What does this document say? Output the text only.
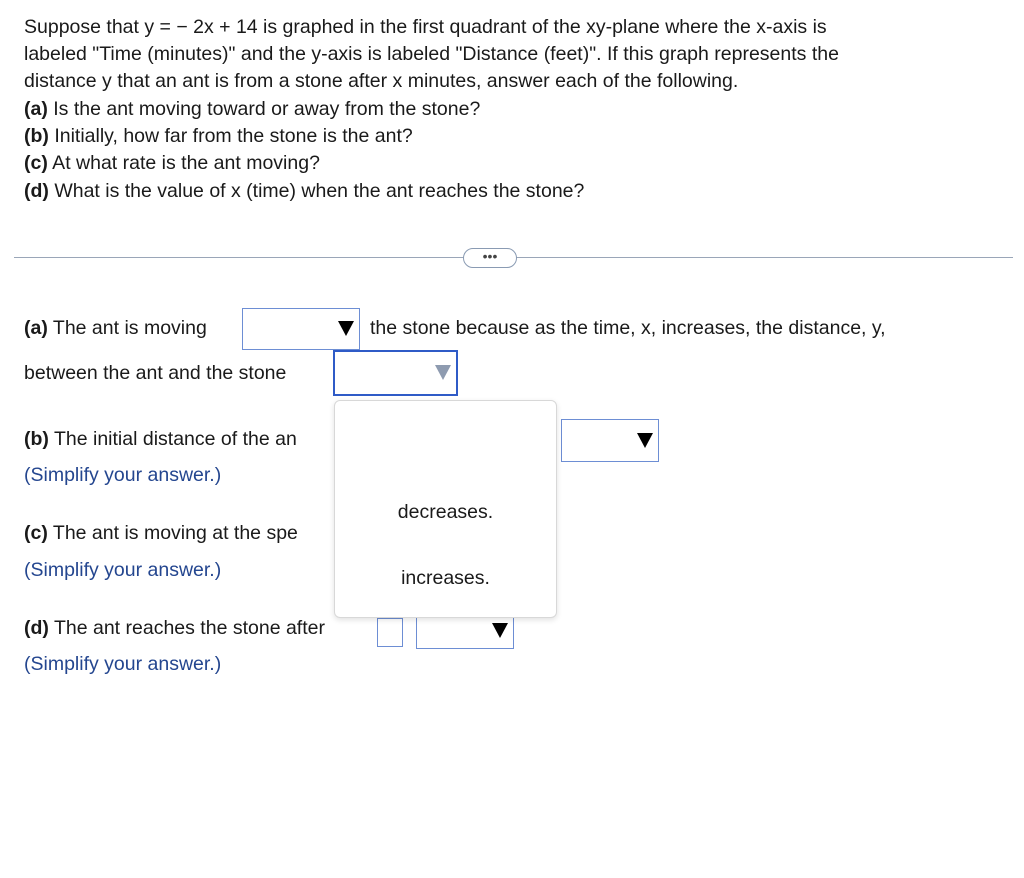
Suppose that y = − 2x + 14 is graphed in the first quadrant of the xy-plane where the x-axis is
labeled "Time (minutes)" and the y-axis is labeled "Distance (feet)". If this graph represents the
distance y that an ant is from a stone after x minutes, answer each of the following.
(a) Is the ant moving toward or away from the stone?
(b) Initially, how far from the stone is the ant?
(c) At what rate is the ant moving?
(d) What is the value of x (time) when the ant reaches the stone?
•••
(a) The ant is moving	the stone because as the time, x, increases, the distance, y,
between the ant and the stone
(b) The initial distance of the an
(Simplify your answer.)
(c) The ant is moving at the spe
(Simplify your answer.)
(d) The ant reaches the stone after
(Simplify your answer.)
decreases.
increases.
